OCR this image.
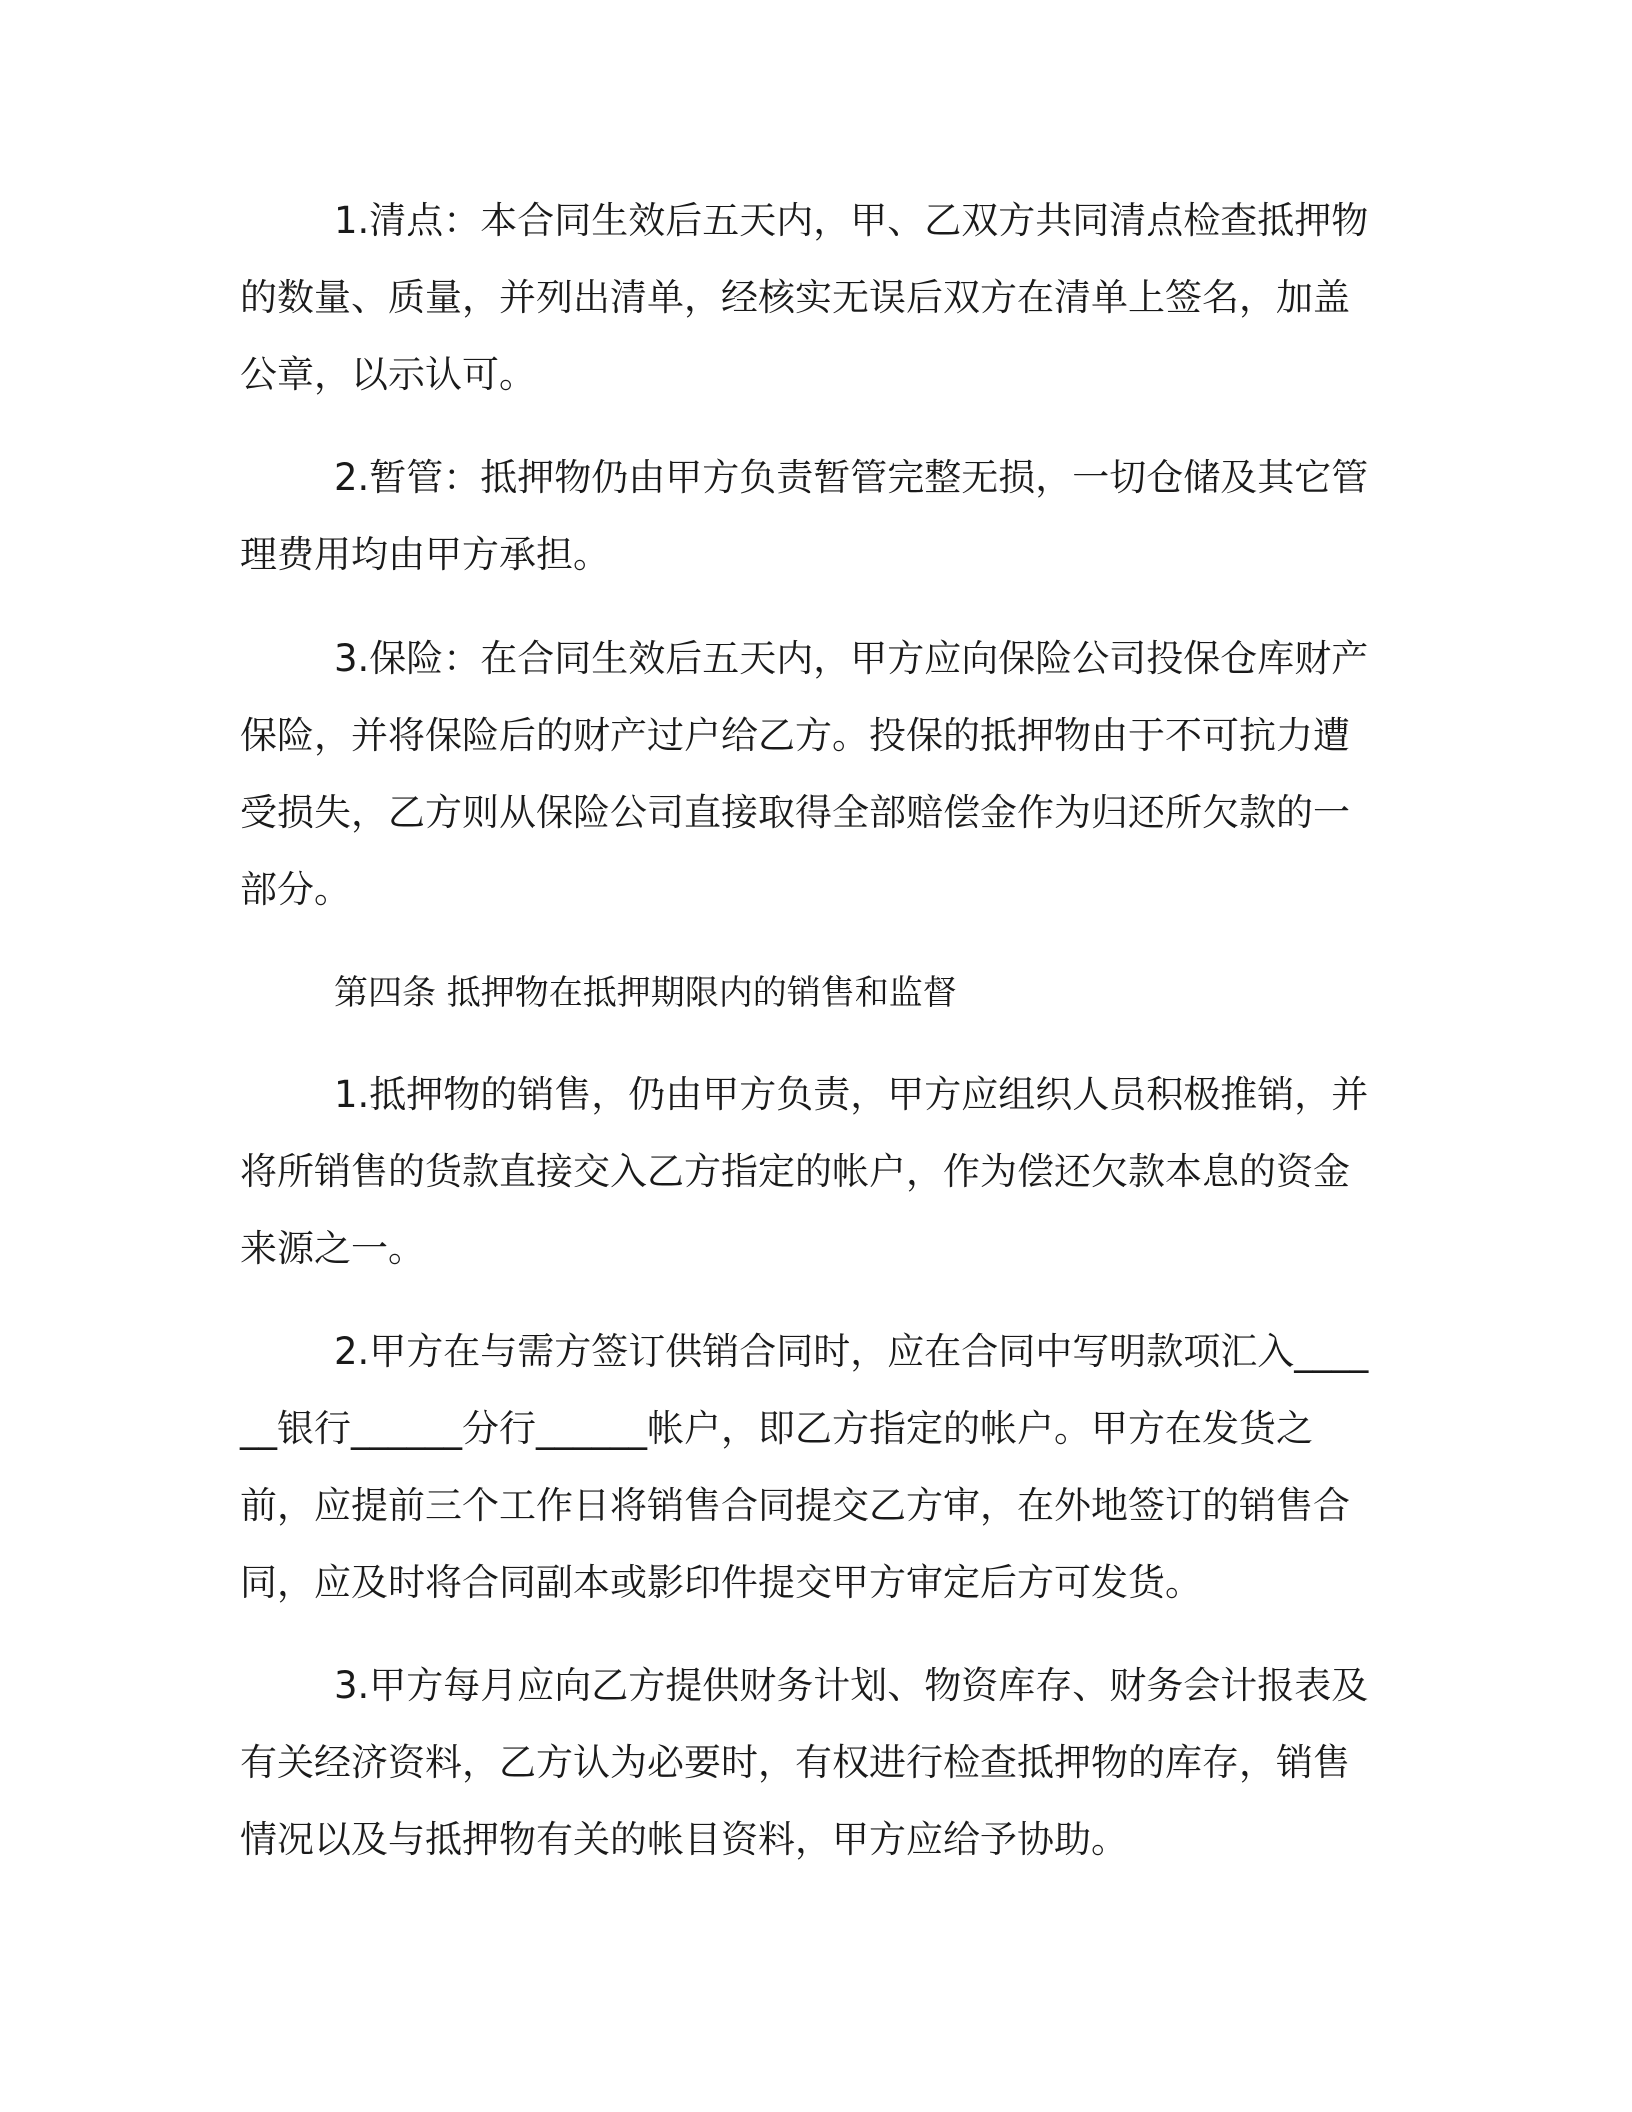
1.清点：本合同生效后五天内，甲、乙双方共同清点检查抵押物的数量、质量，并列出清单，经核实无误后双方在清单上签名，加盖公章，以示认可。

2.暂管：抵押物仍由甲方负责暂管完整无损，一切仓储及其它管理费用均由甲方承担。

3.保险：在合同生效后五天内，甲方应向保险公司投保仓库财产保险，并将保险后的财产过户给乙方。投保的抵押物由于不可抗力遭受损失，乙方则从保险公司直接取得全部赔偿金作为归还所欠款的一部分。

第四条 抵押物在抵押期限内的销售和监督

1.抵押物的销售，仍由甲方负责，甲方应组织人员积极推销，并将所销售的货款直接交入乙方指定的帐户，作为偿还欠款本息的资金来源之一。

2.甲方在与需方签订供销合同时，应在合同中写明款项汇入______银行______分行______帐户，即乙方指定的帐户。甲方在发货之前，应提前三个工作日将销售合同提交乙方审，在外地签订的销售合同，应及时将合同副本或影印件提交甲方审定后方可发货。

3.甲方每月应向乙方提供财务计划、物资库存、财务会计报表及有关经济资料，乙方认为必要时，有权进行检查抵押物的库存，销售情况以及与抵押物有关的帐目资料，甲方应给予协助。
